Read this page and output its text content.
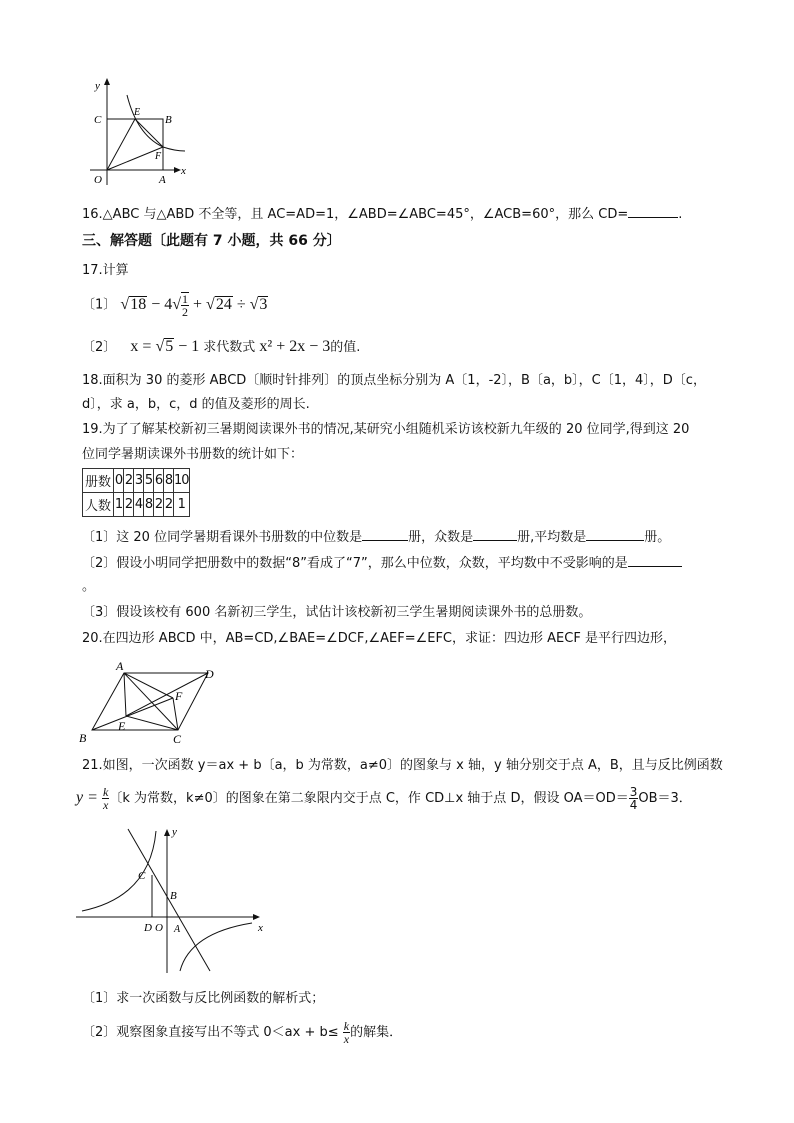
y
x
O	A
C	B
E
F
16.△ABC 与△ABD 不全等，且 AC=AD=1，∠ABD=∠ABC=45°，∠ACB=60°，那么 CD=	.
三、解答题〔此题有 7 小题，共 66 分〕
17.计算
〔1〕 $√18 - 4√ \frac{1}{2} + √24 \div √3$
〔2〕 x = √5 − 1 求代数式 x² + 2x − 3的值.
18.面积为 30 的菱形 ABCD〔顺时针排列〕的顶点坐标分别为 A〔1，-2〕，B〔a，b〕，C〔1，4〕，D〔c，
d〕，求 a，b，c，d 的值及菱形的周长.
19.为了了解某校新初三暑期阅读课外书的情况,某研究小组随机采访该校新九年级的 20 位同学,得到这 20
位同学暑期读课外书册数的统计如下：
册数	0	2	3	5	6	8	10
人数	1	2	4	8	2	2	1
〔1〕这 20 位同学暑期看课外书册数的中位数是	册，众数是	册,平均数是	册。
〔2〕假设小明同学把册数中的数据“8”看成了“7”，那么中位数，众数，平均数中不受影响的是
。
〔3〕假设该校有 600 名新初三学生，试估计该校新初三学生暑期阅读课外书的总册数。
20.在四边形 ABCD 中，AB=CD,∠BAE=∠DCF,∠AEF=∠EFC，求证：四边形 AECF 是平行四边形，
A
D
B	C
E
F
21.如图，一次函数 y＝ax + b〔a，b 为常数，a≠0〕的图象与 x 轴，y 轴分别交于点 A，B，且与反比例函数
$y = \frac{k}{x}$ 〔k 为常数，k≠0〕的图象在第二象限内交于点 C，作 CD⊥x 轴于点 D，假设 $OA=OD= \frac{3}{4} OB=3$．
y
x
C
B
D O A
〔1〕求一次函数与反比例函数的解析式；
〔2〕观察图象直接写出不等式 $0<ax + b\le \frac{k}{x}$ 的解集．
